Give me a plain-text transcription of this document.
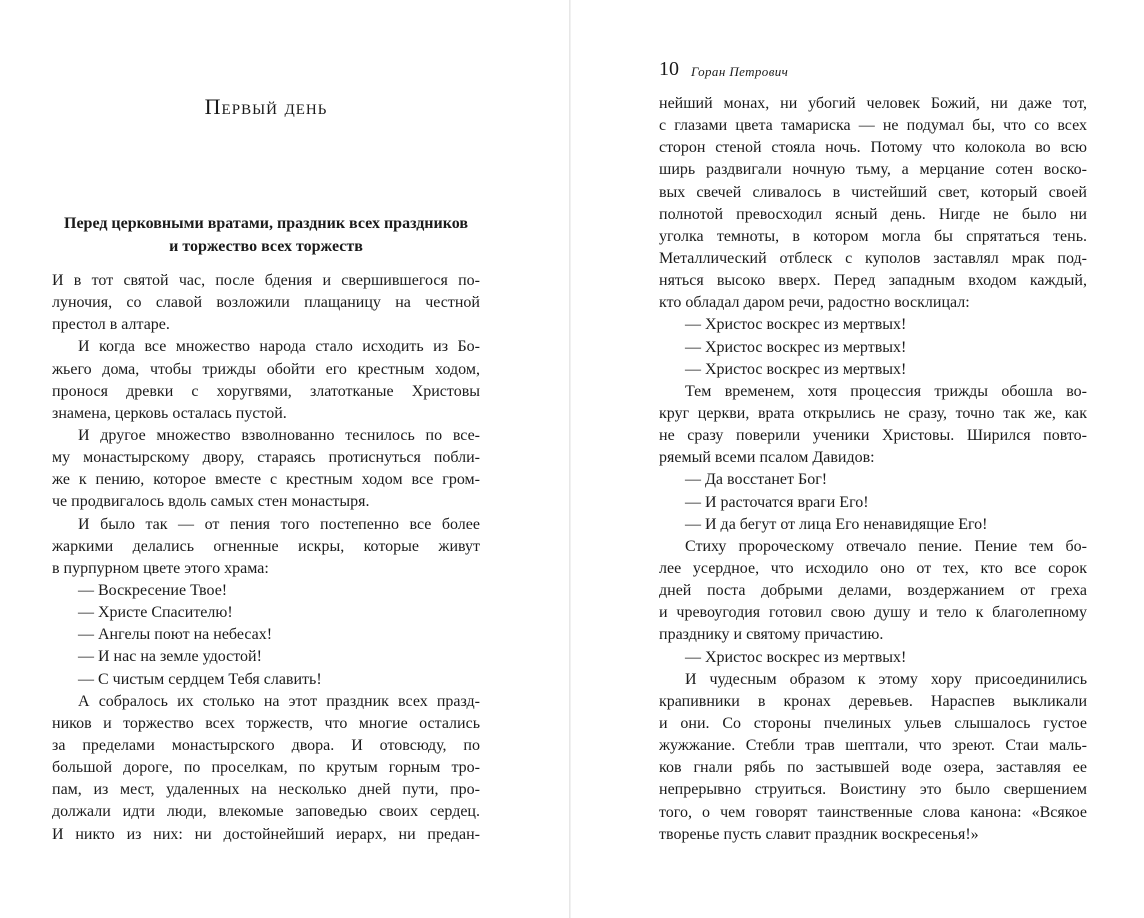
Первый день
Перед церковными вратами, праздник всех праздников
и торжество всех торжеств
И в тот святой час, после бдения и свершившегося по-
луночия, со славой возложили плащаницу на честной
престол в алтаре.
И когда все множество народа стало исходить из Бо-
жьего дома, чтобы трижды обойти его крестным ходом,
пронося древки с хоругвями, златотканые Христовы
знамена, церковь осталась пустой.
И другое множество взволнованно теснилось по все-
му монастырскому двору, стараясь протиснуться побли-
же к пению, которое вместе с крестным ходом все гром-
че продвигалось вдоль самых стен монастыря.
И было так — от пения того постепенно все более
жаркими делались огненные искры, которые живут
в пурпурном цвете этого храма:
— Воскресение Твое!
— Христе Спасителю!
— Ангелы поют на небесах!
— И нас на земле удостой!
— С чистым сердцем Тебя славить!
А собралось их столько на этот праздник всех празд-
ников и торжество всех торжеств, что многие остались
за пределами монастырского двора. И отовсюду, по
большой дороге, по проселкам, по крутым горным тро-
пам, из мест, удаленных на несколько дней пути, про-
должали идти люди, влекомые заповедью своих сердец.
И никто из них: ни достойнейший иерарх, ни предан-
10 Горан Петрович
нейший монах, ни убогий человек Божий, ни даже тот,
с глазами цвета тамариска — не подумал бы, что со всех
сторон стеной стояла ночь. Потому что колокола во всю
ширь раздвигали ночную тьму, а мерцание сотен воско-
вых свечей сливалось в чистейший свет, который своей
полнотой превосходил ясный день. Нигде не было ни
уголка темноты, в котором могла бы спрятаться тень.
Металлический отблеск с куполов заставлял мрак под-
няться высоко вверх. Перед западным входом каждый,
кто обладал даром речи, радостно восклицал:
— Христос воскрес из мертвых!
— Христос воскрес из мертвых!
— Христос воскрес из мертвых!
Тем временем, хотя процессия трижды обошла во-
круг церкви, врата открылись не сразу, точно так же, как
не сразу поверили ученики Христовы. Ширился повто-
ряемый всеми псалом Давидов:
— Да восстанет Бог!
— И расточатся враги Его!
— И да бегут от лица Его ненавидящие Его!
Стиху пророческому отвечало пение. Пение тем бо-
лее усердное, что исходило оно от тех, кто все сорок
дней поста добрыми делами, воздержанием от греха
и чревоугодия готовил свою душу и тело к благолепному
празднику и святому причастию.
— Христос воскрес из мертвых!
И чудесным образом к этому хору присоединились
крапивники в кронах деревьев. Нараспев выкликали
и они. Со стороны пчелиных ульев слышалось густое
жужжание. Стебли трав шептали, что зреют. Стаи маль-
ков гнали рябь по застывшей воде озера, заставляя ее
непрерывно струиться. Воистину это было свершением
того, о чем говорят таинственные слова канона: «Всякое
творенье пусть славит праздник воскресенья!»
